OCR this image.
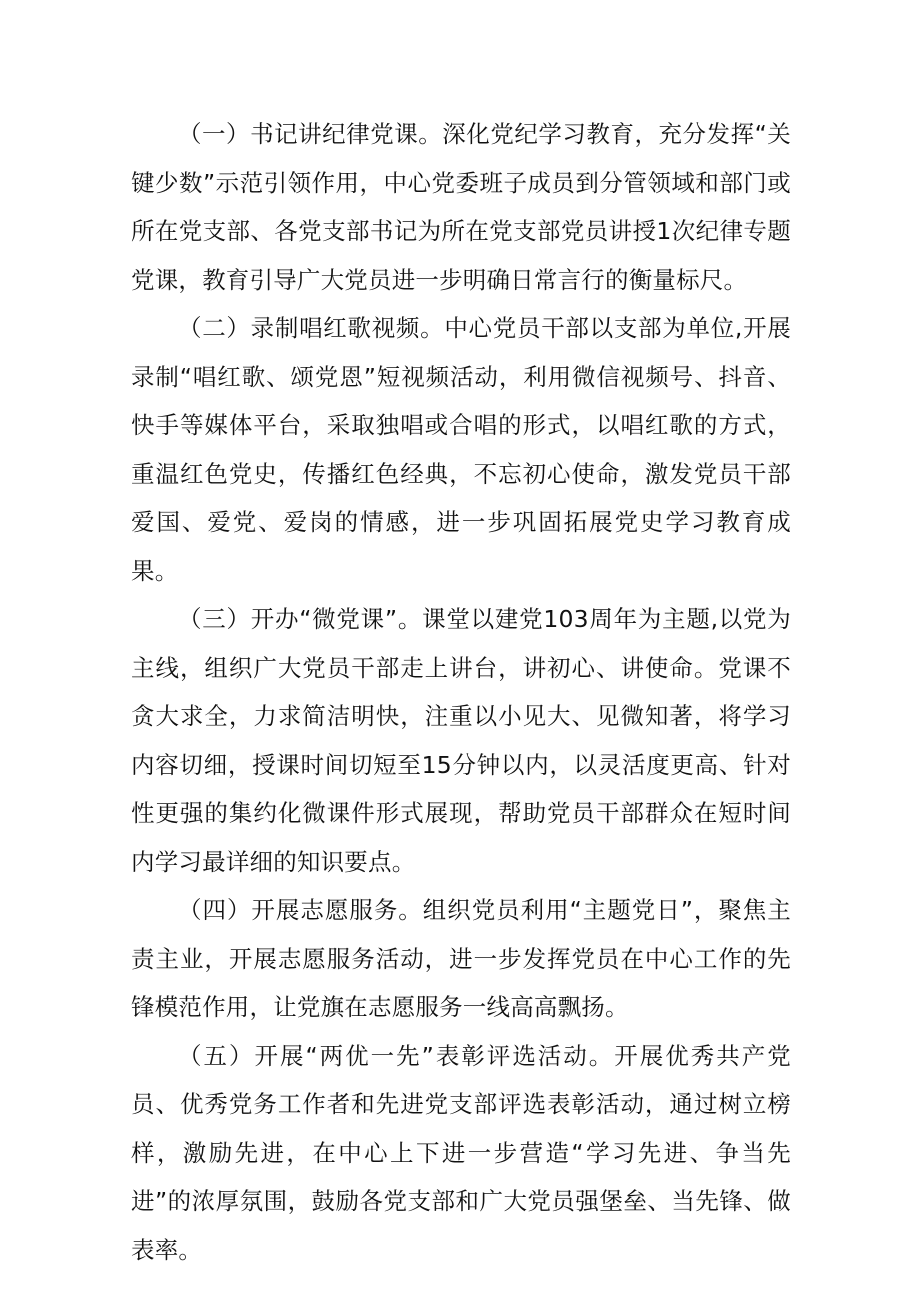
（一）书记讲纪律党课。深化党纪学习教育，充分发挥“关键少数”示范引领作用，中心党委班子成员到分管领域和部门或所在党支部、各党支部书记为所在党支部党员讲授1次纪律专题党课，教育引导广大党员进一步明确日常言行的衡量标尺。

（二）录制唱红歌视频。中心党员干部以支部为单位,开展录制“唱红歌、颂党恩”短视频活动，利用微信视频号、抖音、快手等媒体平台，采取独唱或合唱的形式，以唱红歌的方式，重温红色党史，传播红色经典，不忘初心使命，激发党员干部爱国、爱党、爱岗的情感，进一步巩固拓展党史学习教育成果。

（三）开办“微党课”。课堂以建党103周年为主题,以党为主线，组织广大党员干部走上讲台，讲初心、讲使命。党课不贪大求全，力求简洁明快，注重以小见大、见微知著，将学习内容切细，授课时间切短至15分钟以内，以灵活度更高、针对性更强的集约化微课件形式展现，帮助党员干部群众在短时间内学习最详细的知识要点。

（四）开展志愿服务。组织党员利用“主题党日”，聚焦主责主业，开展志愿服务活动，进一步发挥党员在中心工作的先锋模范作用，让党旗在志愿服务一线高高飘扬。

（五）开展“两优一先”表彰评选活动。开展优秀共产党员、优秀党务工作者和先进党支部评选表彰活动，通过树立榜样，激励先进，在中心上下进一步营造“学习先进、争当先进”的浓厚氛围，鼓励各党支部和广大党员强堡垒、当先锋、做表率。
